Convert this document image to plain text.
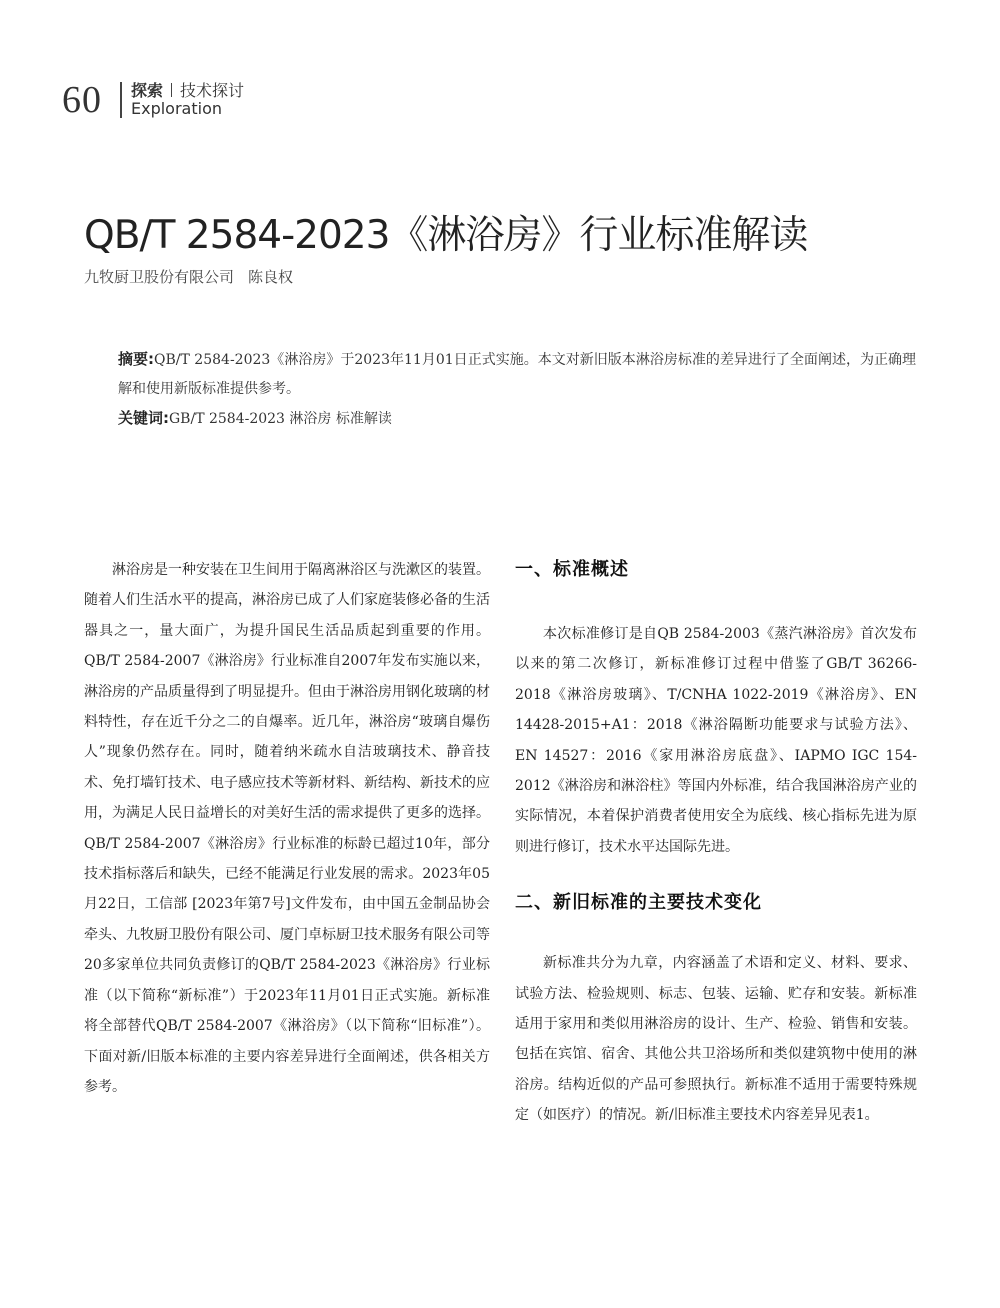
60 探索 技术探讨
Exploration
QB/T 2584-2023《淋浴房》行业标准解读
九牧厨卫股份有限公司 陈良权

摘要:QB/T 2584-2023《淋浴房》于2023年11月01日正式实施。本文对新旧版本淋浴房标准的差异进行了全面阐述，为正确理解和使用新版标准提供参考。

关键词:GB/T 2584-2023 淋浴房 标准解读

淋浴房是一种安装在卫生间用于隔离淋浴区与洗漱区的装置。随着人们生活水平的提高，淋浴房已成了人们家庭装修必备的生活器具之一，量大面广，为提升国民生活品质起到重要的作用。QB/T 2584-2007《淋浴房》行业标准自2007年发布实施以来，淋浴房的产品质量得到了明显提升。但由于淋浴房用钢化玻璃的材料特性，存在近千分之二的自爆率。近几年，淋浴房“玻璃自爆伤人”现象仍然存在。同时，随着纳米疏水自洁玻璃技术、静音技术、免打墙钉技术、电子感应技术等新材料、新结构、新技术的应用，为满足人民日益增长的对美好生活的需求提供了更多的选择。QB/T 2584-2007《淋浴房》行业标准的标龄已超过10年，部分技术指标落后和缺失，已经不能满足行业发展的需求。2023年05月22日，工信部 [2023年第7号]文件发布，由中国五金制品协会牵头、九牧厨卫股份有限公司、厦门卓标厨卫技术服务有限公司等20多家单位共同负责修订的QB/T 2584-2023《淋浴房》行业标准（以下简称“新标准”）于2023年11月01日正式实施。新标准将全部替代QB/T 2584-2007《淋浴房》（以下简称“旧标准”）。下面对新/旧版本标准的主要内容差异进行全面阐述，供各相关方参考。

一、标准概述

本次标准修订是自QB 2584-2003《蒸汽淋浴房》首次发布以来的第二次修订，新标准修订过程中借鉴了GB/T 36266-2018《淋浴房玻璃》、T/CNHA 1022-2019《淋浴房》、EN 14428-2015+A1：2018《淋浴隔断功能要求与试验方法》、EN 14527：2016《家用淋浴房底盘》、IAPMO IGC 154-2012《淋浴房和淋浴柱》等国内外标准，结合我国淋浴房产业的实际情况，本着保护消费者使用安全为底线、核心指标先进为原则进行修订，技术水平达国际先进。

二、新旧标准的主要技术变化

新标准共分为九章，内容涵盖了术语和定义、材料、要求、试验方法、检验规则、标志、包装、运输、贮存和安装。新标准适用于家用和类似用淋浴房的设计、生产、检验、销售和安装。包括在宾馆、宿舍、其他公共卫浴场所和类似建筑物中使用的淋浴房。结构近似的产品可参照执行。新标准不适用于需要特殊规定（如医疗）的情况。新/旧标准主要技术内容差异见表1。
